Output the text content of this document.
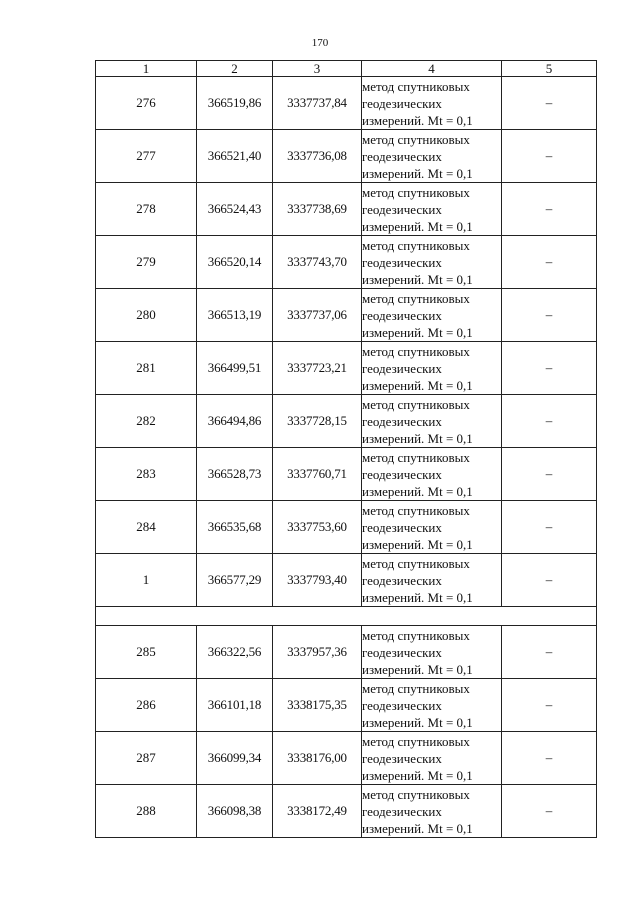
170
1	2	3	4	5
276	366519,86	3337737,84	метод спутниковых
геодезических
измерений. Mt = 0,1	–
277	366521,40	3337736,08	метод спутниковых
геодезических
измерений. Mt = 0,1	–
278	366524,43	3337738,69	метод спутниковых
геодезических
измерений. Mt = 0,1	–
279	366520,14	3337743,70	метод спутниковых
геодезических
измерений. Mt = 0,1	–
280	366513,19	3337737,06	метод спутниковых
геодезических
измерений. Mt = 0,1	–
281	366499,51	3337723,21	метод спутниковых
геодезических
измерений. Mt = 0,1	–
282	366494,86	3337728,15	метод спутниковых
геодезических
измерений. Mt = 0,1	–
283	366528,73	3337760,71	метод спутниковых
геодезических
измерений. Mt = 0,1	–
284	366535,68	3337753,60	метод спутниковых
геодезических
измерений. Mt = 0,1	–
1	366577,29	3337793,40	метод спутниковых
геодезических
измерений. Mt = 0,1	–

285	366322,56	3337957,36	метод спутниковых
геодезических
измерений. Mt = 0,1	–
286	366101,18	3338175,35	метод спутниковых
геодезических
измерений. Mt = 0,1	–
287	366099,34	3338176,00	метод спутниковых
геодезических
измерений. Mt = 0,1	–
288	366098,38	3338172,49	метод спутниковых
геодезических
измерений. Mt = 0,1	–
